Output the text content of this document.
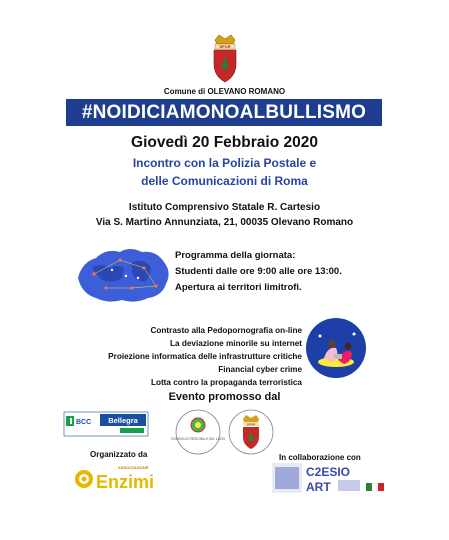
SPOR
Comune di OLEVANO ROMANO
#NOIDICIAMONOALBULLISMO
Giovedì 20 Febbraio 2020
Incontro con la Polizia Postale e
delle Comunicazioni di Roma
Istituto Comprensivo Statale R. Cartesio
Via S. Martino Annunziata, 21, 00035 Olevano Romano
Programma della giornata:
Studenti dalle ore 9:00 alle ore 13:00.
Apertura ai territori limitrofi.
Contrasto alla Pedopornografia on-line
La deviazione minorile su internet
Proiezione informatica delle infrastrutture critiche
Financial cyber crime
Lotta contro la propaganda terroristica
Evento promosso dal
BCC Bellegra
CONSIGLIO REGIONALE DEL LAZIO
SPOR
Organizzato da
ASSOCIAZIONE
Enzimi
In collaborazione con
C2ESIO
ART
